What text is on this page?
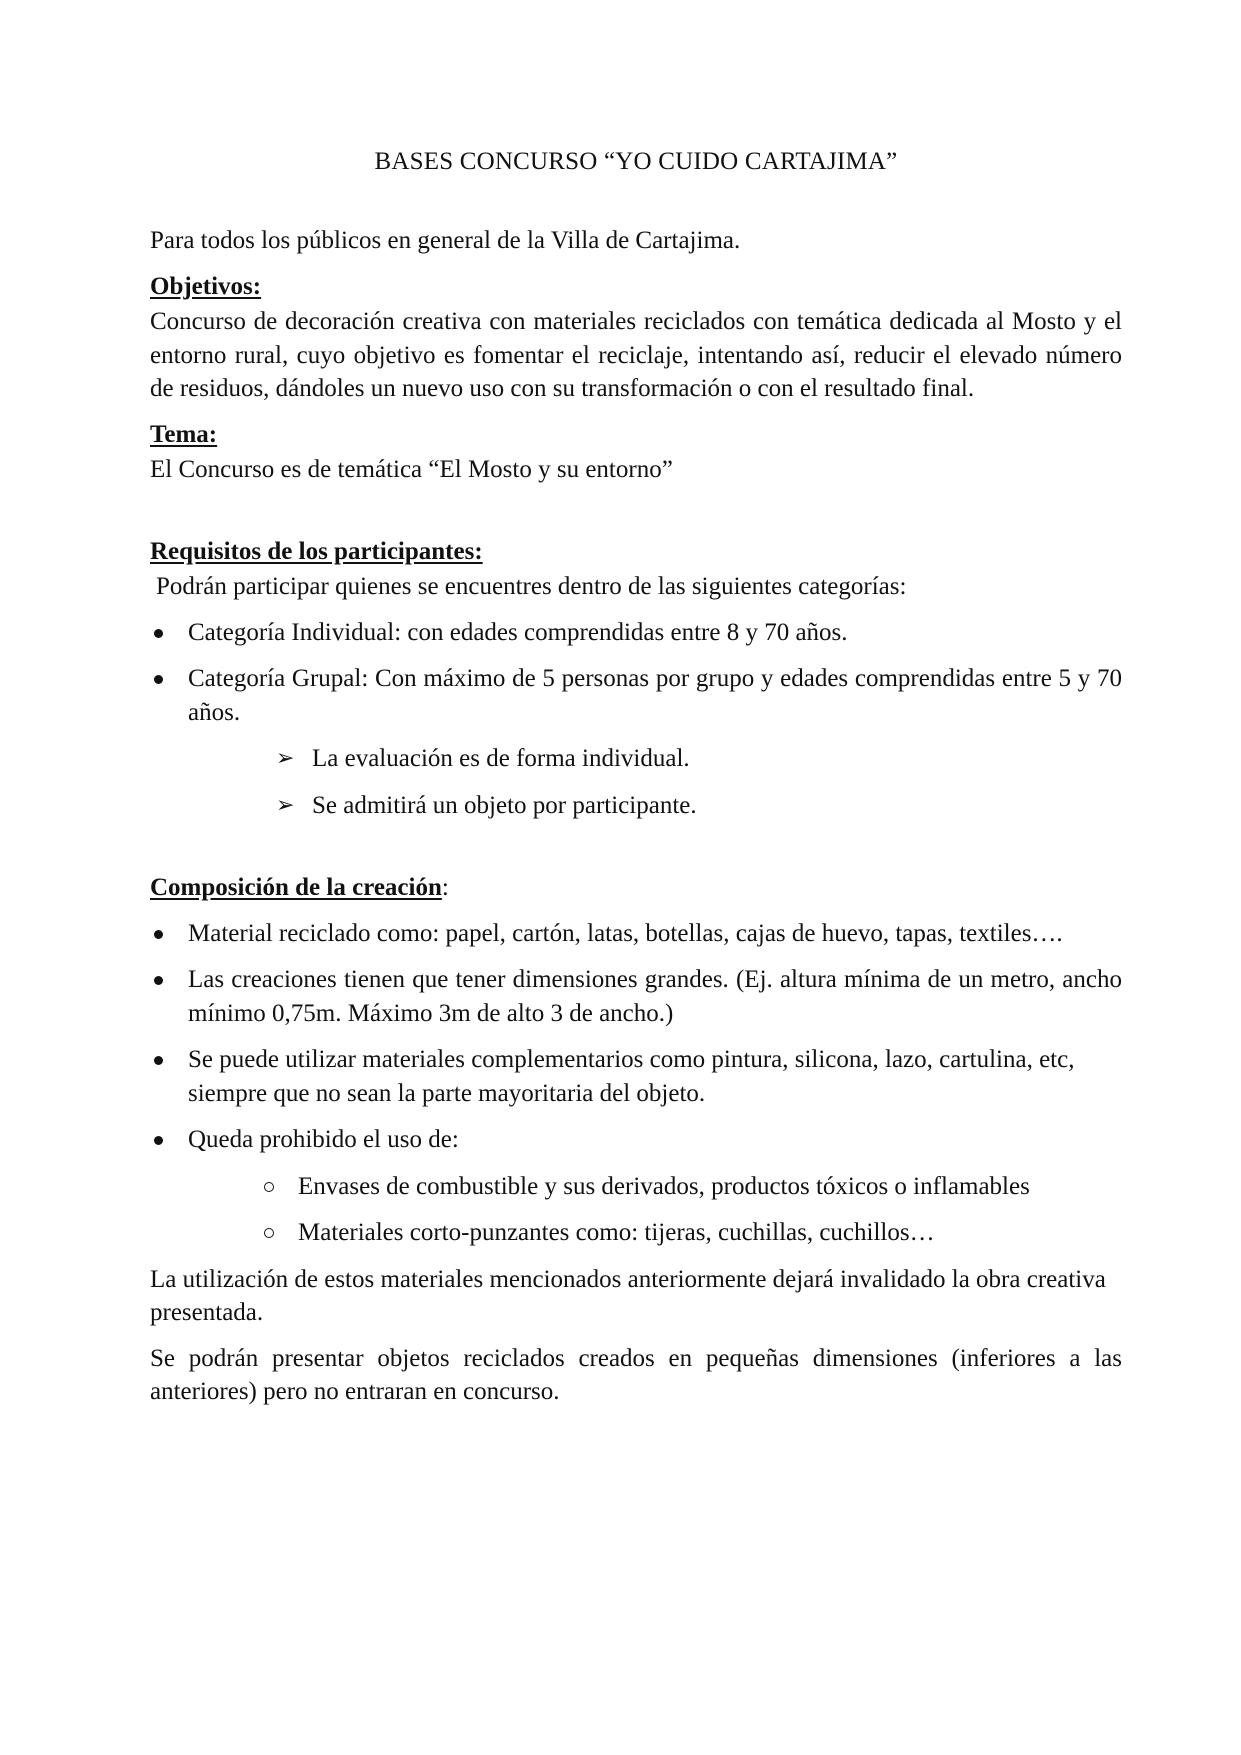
BASES CONCURSO “YO CUIDO CARTAJIMA”

Para todos los públicos en general de la Villa de Cartajima.

Objetivos:

Concurso de decoración creativa con materiales reciclados con temática dedicada al Mosto y el entorno rural, cuyo objetivo es fomentar el reciclaje, intentando así, reducir el elevado número de residuos, dándoles un nuevo uso con su transformación o con el resultado final.

Tema:

El Concurso es de temática “El Mosto y su entorno”

Requisitos de los participantes:

Podrán participar quienes se encuentres dentro de las siguientes categorías:

Categoría Individual: con edades comprendidas entre 8 y 70 años.
Categoría Grupal: Con máximo de 5 personas por grupo y edades comprendidas entre 5 y 70 años.
➢ La evaluación es de forma individual.
➢ Se admitirá un objeto por participante.

Composición de la creación:

Material reciclado como: papel, cartón, latas, botellas, cajas de huevo, tapas, textiles….
Las creaciones tienen que tener dimensiones grandes. (Ej. altura mínima de un metro, ancho mínimo 0,75m. Máximo 3m de alto 3 de ancho.)
Se puede utilizar materiales complementarios como pintura, silicona, lazo, cartulina, etc, siempre que no sean la parte mayoritaria del objeto.
Queda prohibido el uso de:
Envases de combustible y sus derivados, productos tóxicos o inflamables
Materiales corto-punzantes como: tijeras, cuchillas, cuchillos…

La utilización de estos materiales mencionados anteriormente dejará invalidado la obra creativa presentada.

Se podrán presentar objetos reciclados creados en pequeñas dimensiones (inferiores a las anteriores) pero no entraran en concurso.
